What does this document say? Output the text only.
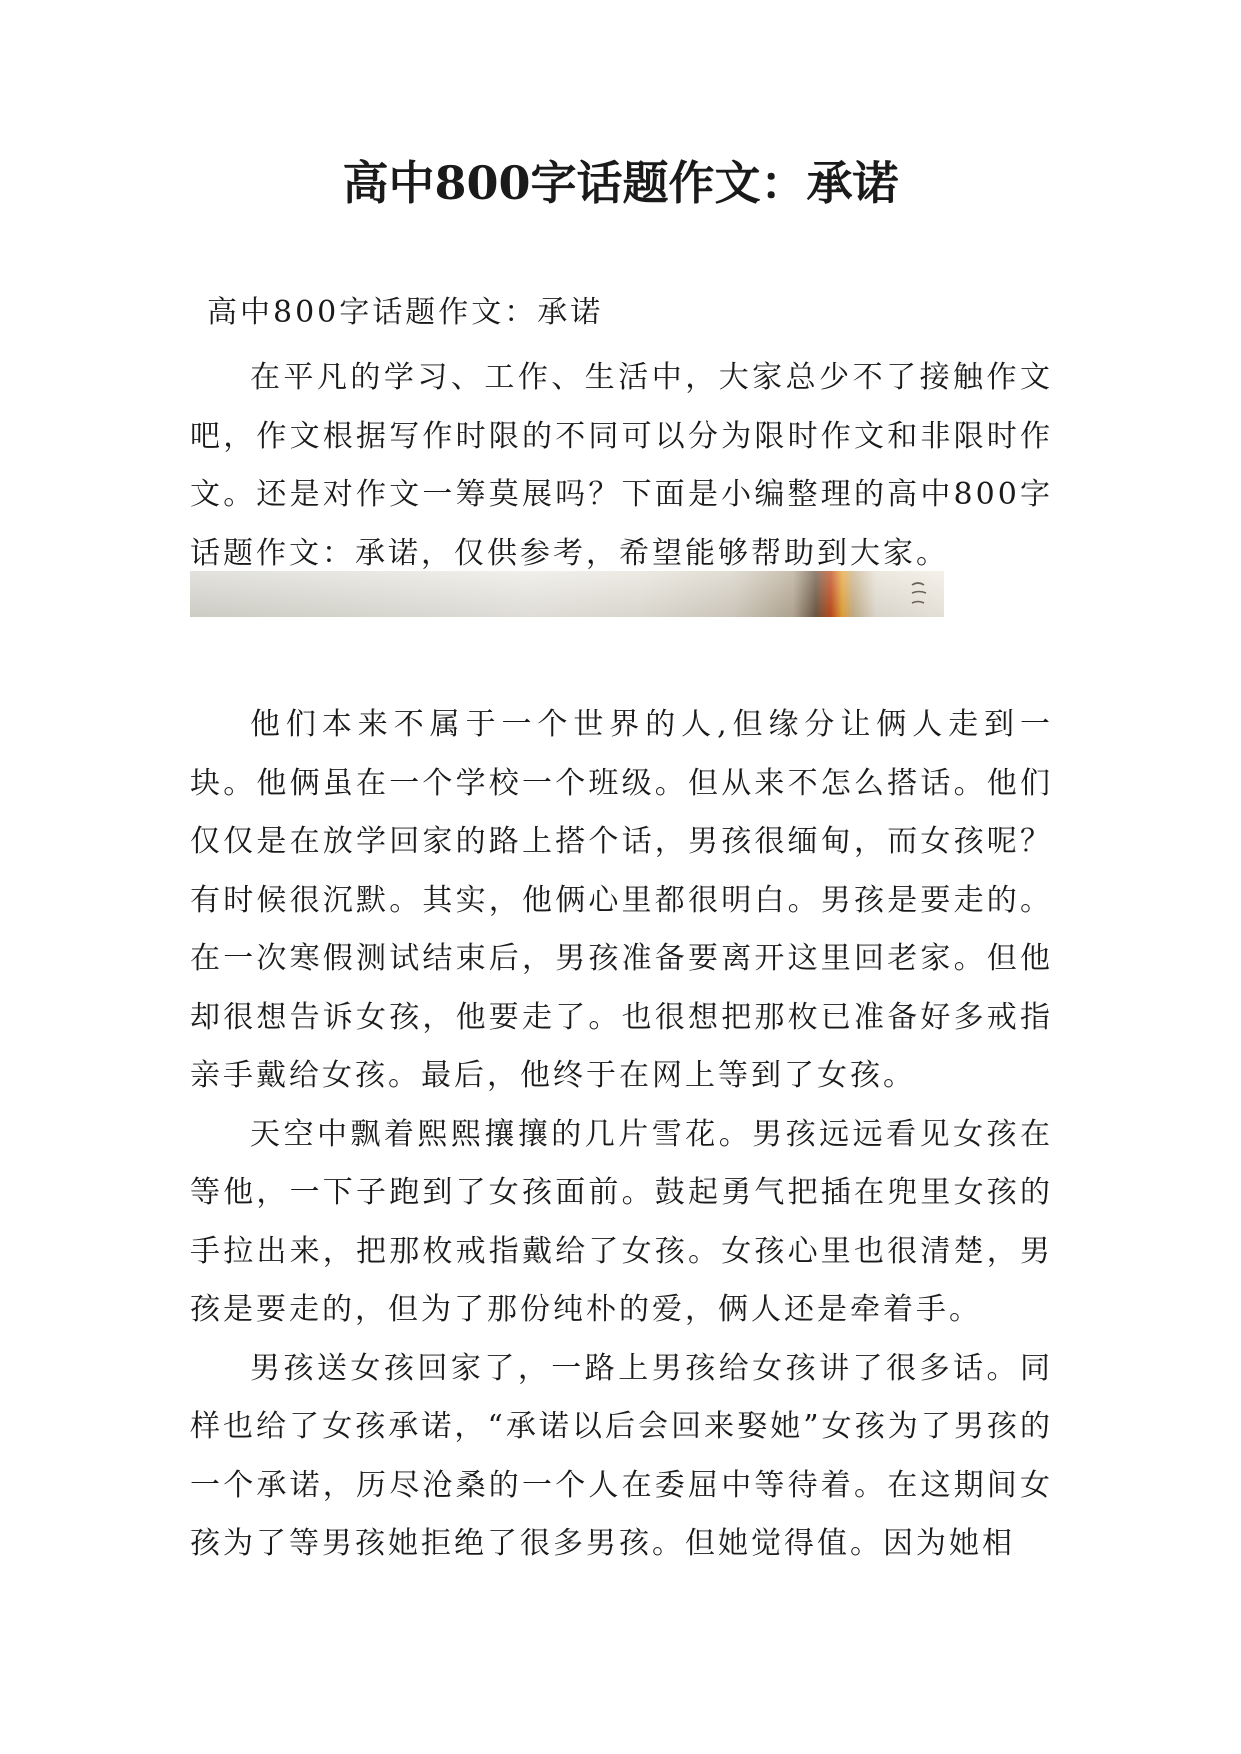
高中800字话题作文：承诺
高中800字话题作文：承诺

在平凡的学习、工作、生活中，大家总少不了接触作文吧，作文根据写作时限的不同可以分为限时作文和非限时作文。还是对作文一筹莫展吗？下面是小编整理的高中800字话题作文：承诺，仅供参考，希望能够帮助到大家。

他们本来不属于一个世界的人,但缘分让俩人走到一块。他俩虽在一个学校一个班级。但从来不怎么搭话。他们仅仅是在放学回家的路上搭个话，男孩很缅甸，而女孩呢？有时候很沉默。其实，他俩心里都很明白。男孩是要走的。在一次寒假测试结束后，男孩准备要离开这里回老家。但他却很想告诉女孩，他要走了。也很想把那枚已准备好多戒指亲手戴给女孩。最后，他终于在网上等到了女孩。

天空中飘着熙熙攘攘的几片雪花。男孩远远看见女孩在等他，一下子跑到了女孩面前。鼓起勇气把插在兜里女孩的手拉出来，把那枚戒指戴给了女孩。女孩心里也很清楚，男孩是要走的，但为了那份纯朴的爱，俩人还是牵着手。

男孩送女孩回家了，一路上男孩给女孩讲了很多话。同样也给了女孩承诺，“承诺以后会回来娶她”女孩为了男孩的一个承诺，历尽沧桑的一个人在委屈中等待着。在这期间女孩为了等男孩她拒绝了很多男孩。但她觉得值。因为她相
